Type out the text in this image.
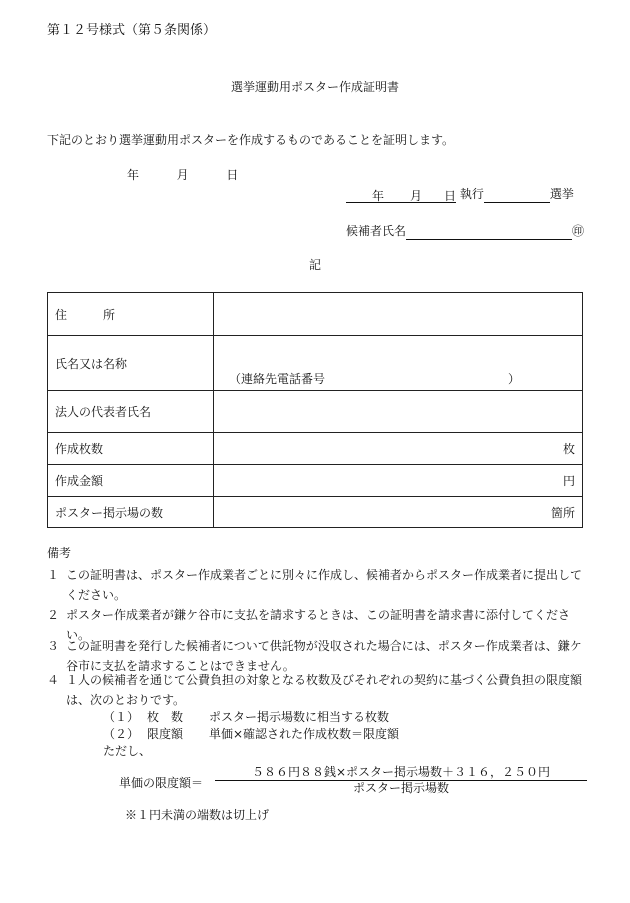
第１２号様式（第５条関係）
選挙運動用ポスター作成証明書
下記のとおり選挙運動用ポスターを作成するものであることを証明します。
年	月	日
年 月 日 執行	選挙
候補者氏名	㊞
記
住　　　所	
氏名又は名称	（連絡先電話番号 ）

法人の代表者氏名	
作成枚数	枚

作成金額	円

ポスター掲示場の数	箇所
備考
１ この証明書は、ポスター作成業者ごとに別々に作成し、候補者からポスター作成業者に提出してください。
２ ポスター作成業者が鎌ケ谷市に支払を請求するときは、この証明書を請求書に添付してください。
３ この証明書を発行した候補者について供託物が没収された場合には、ポスター作成業者は、鎌ケ谷市に支払を請求することはできません。
４ １人の候補者を通じて公費負担の対象となる枚数及びそれぞれの契約に基づく公費負担の限度額は、次のとおりです。
（１） 枚　数 ポスター掲示場数に相当する枚数
（２） 限度額 単価×確認された作成枚数＝限度額
ただし、
単価の限度額＝
５８６円８８銭×ポスター掲示場数＋３１６，２５０円
ポスター掲示場数
※１円未満の端数は切上げ
